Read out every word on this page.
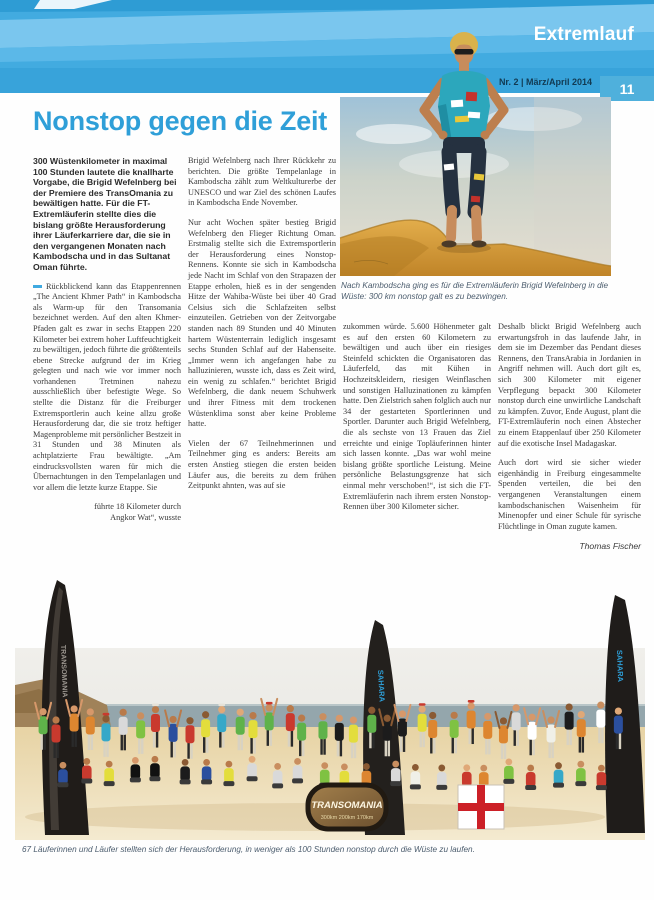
Extremlauf
Nr. 2 | März/April 2014 11
Nach Kambodscha ging es für die Extremläuferin Brigid Wefelnberg in die Wüste: 300 km nonstop galt es zu bezwingen.
Nonstop gegen die Zeit

300 Wüstenkilometer in maximal 100 Stunden lautete die knallharte Vorgabe, die Brigid Wefelnberg bei der Premiere des TransOmania zu bewältigen hatte. Für die FT-Extremläuferin stellte dies die bislang größte Herausforderung ihrer Läuferkarriere dar, die sie in den vergangenen Monaten nach Kambodscha und in das Sultanat Oman führte.

Rückblickend kann das Etappenrennen „The Ancient Khmer Path“ in Kambodscha als Warm-up für den Transomania bezeichnet werden. Auf den alten Khmer-Pfaden galt es zwar in sechs Etappen 220 Kilometer bei extrem hoher Luftfeuchtigkeit zu bewältigen, jedoch führte die größtenteils ebene Strecke aufgrund der im Krieg gelegten und nach wie vor immer noch vorhandenen Tretminen nahezu ausschließlich über befestigte Wege. So stellte die Distanz für die Freiburger Extremsportlerin auch keine allzu große Herausforderung dar, die sie trotz heftiger Magenprobleme mit persönlicher Bestzeit in 31 Stunden und 38 Minuten als achtplatzierte Frau bewältigte. „Am eindrucksvollsten waren für mich die Übernachtungen in den Tempelanlagen und vor allem die letzte kurze Etappe. Sie

führte 18 Kilometer durch

Angkor Wat“, wusste

Brigid Wefelnberg nach Ihrer Rückkehr zu berichten. Die größte Tempelanlage in Kambodscha zählt zum Weltkulturerbe der UNESCO und war Ziel des schönen Laufes in Kambodscha Ende November.

Nur acht Wochen später bestieg Brigid Wefelnberg den Flieger Richtung Oman. Erstmalig stellte sich die Extremsportlerin der Herausforderung eines Nonstop-Rennens. Konnte sie sich in Kambodscha jede Nacht im Schlaf von den Strapazen der Etappe erholen, hieß es in der sengenden Hitze der Wahiba-Wüste bei über 40 Grad Celsius sich die Schlafzeiten selbst einzuteilen. Getrieben von der Zeitvorgabe standen nach 89 Stunden und 40 Minuten hartem Wüstenterrain lediglich insgesamt sechs Stunden Schlaf auf der Habenseite. „Immer wenn ich angefangen habe zu halluzinieren, wusste ich, dass es Zeit wird, ein wenig zu schlafen.“ berichtet Brigid Wefelnberg, die dank neuem Schuhwerk und ihrer Fitness mit dem trockenen Wüstenklima sonst aber keine Probleme hatte.

Vielen der 67 Teilnehmerinnen und Teilnehmer ging es anders: Bereits am ersten Anstieg stiegen die ersten beiden Läufer aus, die bereits zu dem frühen Zeitpunkt ahnten, was auf sie

zukommen würde. 5.600 Höhenmeter galt es auf den ersten 60 Kilometern zu bewältigen und auch über ein riesiges Steinfeld schickten die Organisatoren das Läuferfeld, das mit Kühen in Hochzeitskleidern, riesigen Weinflaschen und sonstigen Halluzinationen zu kämpfen hatte. Den Zielstrich sahen folglich auch nur 34 der gestarteten Sportlerinnen und Sportler. Darunter auch Brigid Wefelnberg, die als sechste von 13 Frauen das Ziel erreichte und einige Topläuferinnen hinter sich lassen konnte. „Das war wohl meine bislang größte sportliche Leistung. Meine persönliche Belastungsgrenze hat sich einmal mehr verschoben!“, ist sich die FT-Extremläuferin nach ihrem ersten Nonstop-Rennen über 300 Kilometer sicher.

Deshalb blickt Brigid Wefelnberg auch erwartungsfroh in das laufende Jahr, in dem sie im Dezember das Pendant dieses Rennens, den TransArabia in Jordanien in Angriff nehmen will. Auch dort gilt es, sich 300 Kilometer mit eigener Verpflegung bepackt 300 Kilometer nonstop durch eine unwirtliche Landschaft zu kämpfen. Zuvor, Ende August, plant die FT-Extremläuferin noch einen Abstecher zu einem Etappenlauf über 250 Kilometer auf die exotische Insel Madagaskar.

Auch dort wird sie sicher wieder eigenhändig in Freiburg eingesammelte Spenden verteilen, die bei den vergangenen Veranstaltungen einem kambodschanischen Waisenheim für Minenopfer und einer Schule für syrische Flüchtlinge in Oman zugute kamen.

Thomas Fischer
TRANSOMANIA	SAHARA
SAHARA
TRANSOMANIA
300km 200km 170km
67 Läuferinnen und Läufer stellten sich der Herausforderung, in weniger als 100 Stunden nonstop durch die Wüste zu laufen.
